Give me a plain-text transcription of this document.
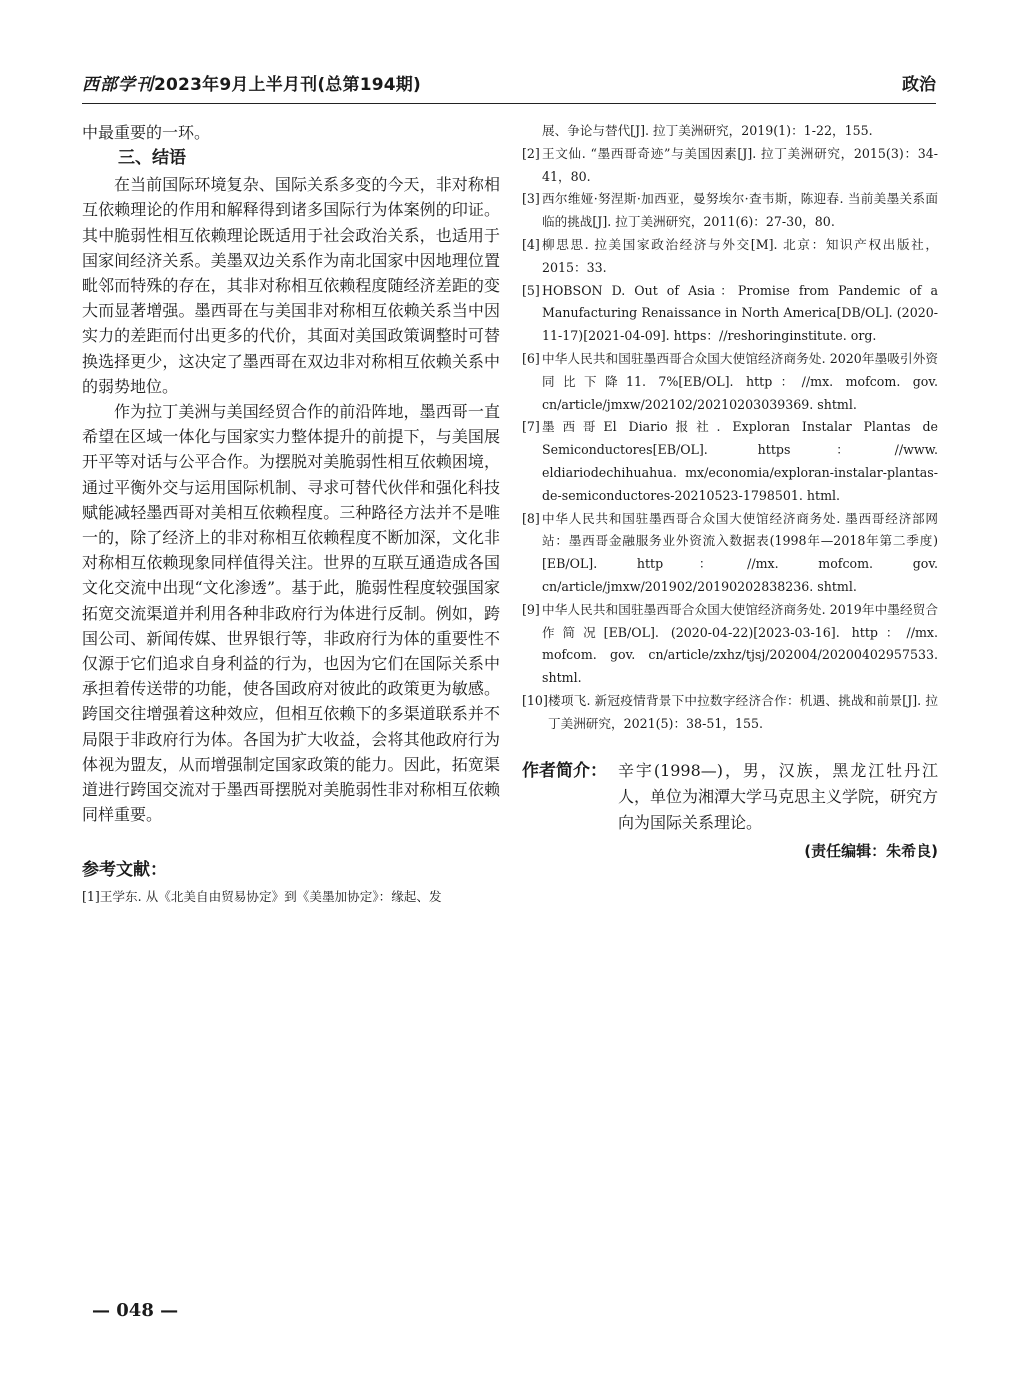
西部学刊2023年9月上半月刊(总第194期)	政治

中最重要的一环。

三、结语

在当前国际环境复杂、国际关系多变的今天，非对称相互依赖理论的作用和解释得到诸多国际行为体案例的印证。其中脆弱性相互依赖理论既适用于社会政治关系，也适用于国家间经济关系。美墨双边关系作为南北国家中因地理位置毗邻而特殊的存在，其非对称相互依赖程度随经济差距的变大而显著增强。墨西哥在与美国非对称相互依赖关系当中因实力的差距而付出更多的代价，其面对美国政策调整时可替换选择更少，这决定了墨西哥在双边非对称相互依赖关系中的弱势地位。

作为拉丁美洲与美国经贸合作的前沿阵地，墨西哥一直希望在区域一体化与国家实力整体提升的前提下，与美国展开平等对话与公平合作。为摆脱对美脆弱性相互依赖困境，通过平衡外交与运用国际机制、寻求可替代伙伴和强化科技赋能减轻墨西哥对美相互依赖程度。三种路径方法并不是唯一的，除了经济上的非对称相互依赖程度不断加深，文化非对称相互依赖现象同样值得关注。世界的互联互通造成各国文化交流中出现“文化渗透”。基于此，脆弱性程度较强国家拓宽交流渠道并利用各种非政府行为体进行反制。例如，跨国公司、新闻传媒、世界银行等，非政府行为体的重要性不仅源于它们追求自身利益的行为，也因为它们在国际关系中承担着传送带的功能，使各国政府对彼此的政策更为敏感。跨国交往增强着这种效应，但相互依赖下的多渠道联系并不局限于非政府行为体。各国为扩大收益，会将其他政府行为体视为盟友，从而增强制定国家政策的能力。因此，拓宽渠道进行跨国交流对于墨西哥摆脱对美脆弱性非对称相互依赖同样重要。

参考文献：

[1]王学东. 从《北美自由贸易协定》到《美墨加协定》：缘起、发

展、争论与替代[J]. 拉丁美洲研究，2019(1)：1-22，155.

[2] 王文仙. “墨西哥奇迹”与美国因素[J]. 拉丁美洲研究，2015(3)：34-41，80.

[3] 西尔维娅·努涅斯·加西亚，曼努埃尔·查韦斯，陈迎春. 当前美墨关系面临的挑战[J]. 拉丁美洲研究，2011(6)：27-30，80.

[4] 柳思思. 拉美国家政治经济与外交[M]. 北京：知识产权出版社，2015：33.

[5] HOBSON D. Out of Asia：Promise from Pandemic of a Manufacturing Renaissance in North America[DB/OL]. (2020-11-17)[2021-04-09]. https：//reshoringinstitute. org.

[6] 中华人民共和国驻墨西哥合众国大使馆经济商务处. 2020年墨吸引外资同比下降11. 7%[EB/OL]. http：//mx. mofcom. gov. cn/article/jmxw/202102/20210203039369. shtml.

[7] 墨西哥El Diario报社. Exploran Instalar Plantas de Semiconductores[EB/OL]. https：//www. eldiariodechihuahua. mx/economia/exploran-instalar-plantas-de-semiconductores-20210523-1798501. html.

[8] 中华人民共和国驻墨西哥合众国大使馆经济商务处. 墨西哥经济部网站：墨西哥金融服务业外资流入数据表(1998年—2018年第二季度)[EB/OL]. http：//mx. mofcom. gov. cn/article/jmxw/201902/20190202838236. shtml.

[9] 中华人民共和国驻墨西哥合众国大使馆经济商务处. 2019年中墨经贸合作简况[EB/OL]. (2020-04-22)[2023-03-16]. http：//mx. mofcom. gov. cn/article/zxhz/tjsj/202004/20200402957533. shtml.

[10] 楼项飞. 新冠疫情背景下中拉数字经济合作：机遇、挑战和前景[J]. 拉丁美洲研究，2021(5)：38-51，155.

作者简介： 辛宇(1998—)，男，汉族，黑龙江牡丹江人，单位为湘潭大学马克思主义学院，研究方向为国际关系理论。
(责任编辑：朱希良)
— 048 —
